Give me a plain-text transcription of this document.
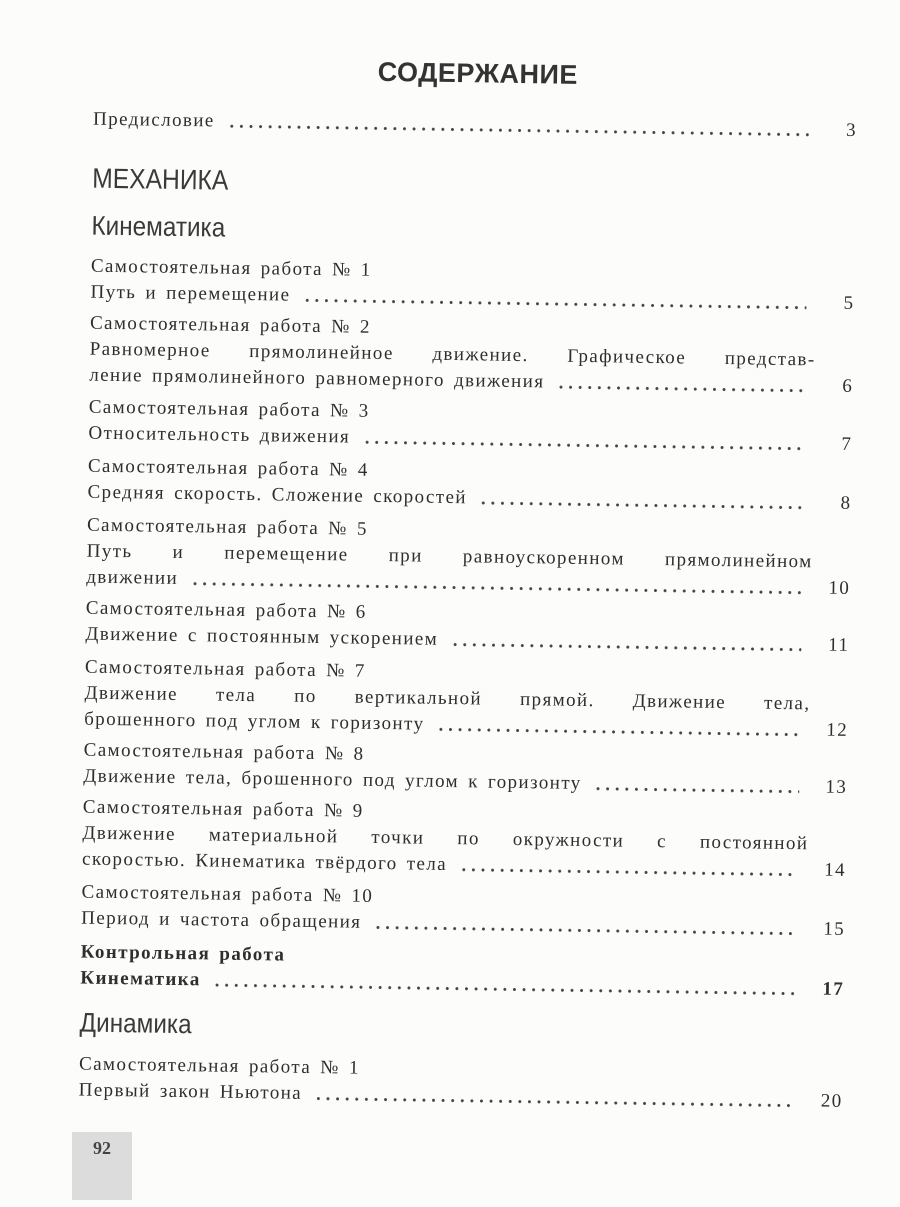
СОДЕРЖАНИЕ
Предисловие	3
МЕХАНИКА
Кинематика
Самостоятельная работа № 1
Путь и перемещение	5
Самостоятельная работа № 2
Равномерное прямолинейное движение. Графическое представ-
ление прямолинейного равномерного движения	6
Самостоятельная работа № 3
Относительность движения	7
Самостоятельная работа № 4
Средняя скорость. Сложение скоростей	8
Самостоятельная работа № 5
Путь и перемещение при равноускоренном прямолинейном
движении	10
Самостоятельная работа № 6
Движение с постоянным ускорением	11
Самостоятельная работа № 7
Движение тела по вертикальной прямой. Движение тела,
брошенного под углом к горизонту	12
Самостоятельная работа № 8
Движение тела, брошенного под углом к горизонту	13
Самостоятельная работа № 9
Движение материальной точки по окружности с постоянной
скоростью. Кинематика твёрдого тела	14
Самостоятельная работа № 10
Период и частота обращения	15
Контрольная работа
Кинематика	17
Динамика
Самостоятельная работа № 1
Первый закон Ньютона	20
92
